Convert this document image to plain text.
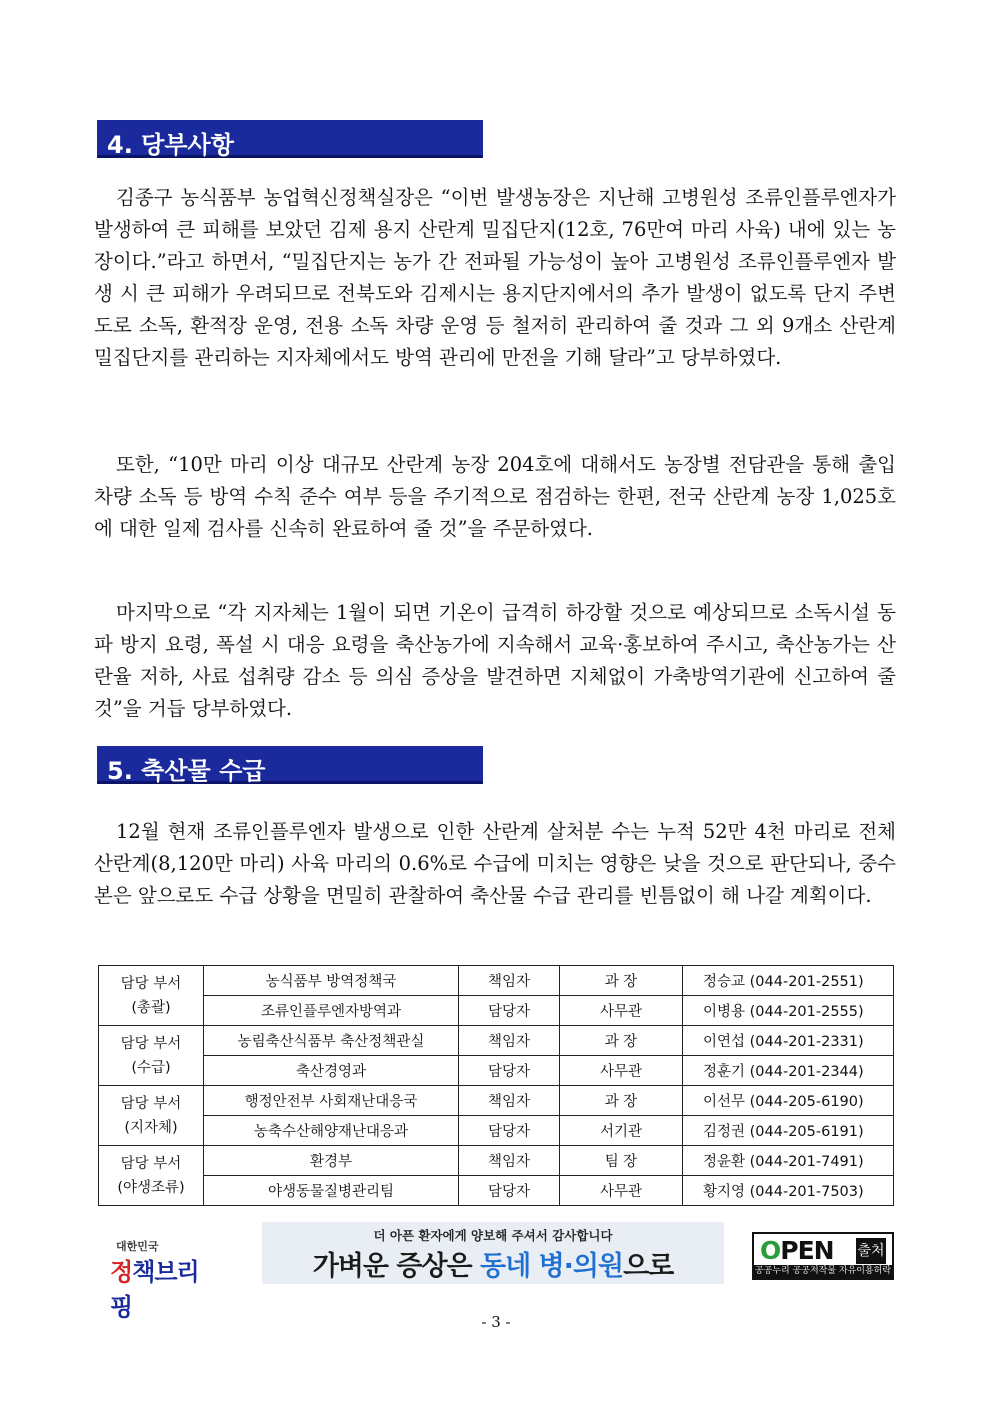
4. 당부사항
김종구 농식품부 농업혁신정책실장은 “이번 발생농장은 지난해 고병원성 조류인플루엔자가 발생하여 큰 피해를 보았던 김제 용지 산란계 밀집단지(12호, 76만여 마리 사육) 내에 있는 농장이다.”라고 하면서, “밀집단지는 농가 간 전파될 가능성이 높아 고병원성 조류인플루엔자 발생 시 큰 피해가 우려되므로 전북도와 김제시는 용지단지에서의 추가 발생이 없도록 단지 주변 도로 소독, 환적장 운영, 전용 소독 차량 운영 등 철저히 관리하여 줄 것과 그 외 9개소 산란계 밀집단지를 관리하는 지자체에서도 방역 관리에 만전을 기해 달라”고 당부하였다.
또한, “10만 마리 이상 대규모 산란계 농장 204호에 대해서도 농장별 전담관을 통해 출입 차량 소독 등 방역 수칙 준수 여부 등을 주기적으로 점검하는 한편, 전국 산란계 농장 1,025호에 대한 일제 검사를 신속히 완료하여 줄 것”을 주문하였다.
마지막으로 “각 지자체는 1월이 되면 기온이 급격히 하강할 것으로 예상되므로 소독시설 동파 방지 요령, 폭설 시 대응 요령을 축산농가에 지속해서 교육·홍보하여 주시고, 축산농가는 산란율 저하, 사료 섭취량 감소 등 의심 증상을 발견하면 지체없이 가축방역기관에 신고하여 줄 것”을 거듭 당부하였다.
5. 축산물 수급
12월 현재 조류인플루엔자 발생으로 인한 산란계 살처분 수는 누적 52만 4천 마리로 전체 산란계(8,120만 마리) 사육 마리의 0.6%로 수급에 미치는 영향은 낮을 것으로 판단되나, 중수본은 앞으로도 수급 상황을 면밀히 관찰하여 축산물 수급 관리를 빈틈없이 해 나갈 계획이다.
담당 부서
(총괄)	농식품부 방역정책국	책임자	과 장	정승교 (044-201-2551)
	조류인플루엔자방역과	담당자	사무관	이병용 (044-201-2555)

담당 부서
(수급)	농림축산식품부 축산정책관실	책임자	과 장	이연섭 (044-201-2331)
	축산경영과	담당자	사무관	정훈기 (044-201-2344)

담당 부서
(지자체)	행정안전부 사회재난대응국	책임자	과 장	이선무 (044-205-6190)
	농축수산해양재난대응과	담당자	서기관	김정권 (044-205-6191)

담당 부서
(야생조류)	환경부	책임자	팀 장	정윤환 (044-201-7491)
	야생동물질병관리팀	담당자	사무관	황지영 (044-201-7503)
대한민국
정책브리핑
더 아픈 환자에게 양보해 주셔서 감사합니다
가벼운 증상은 동네 병·의원으로
OPEN 출처
공공누리 공공저작물 자유이용허락
- 3 -
